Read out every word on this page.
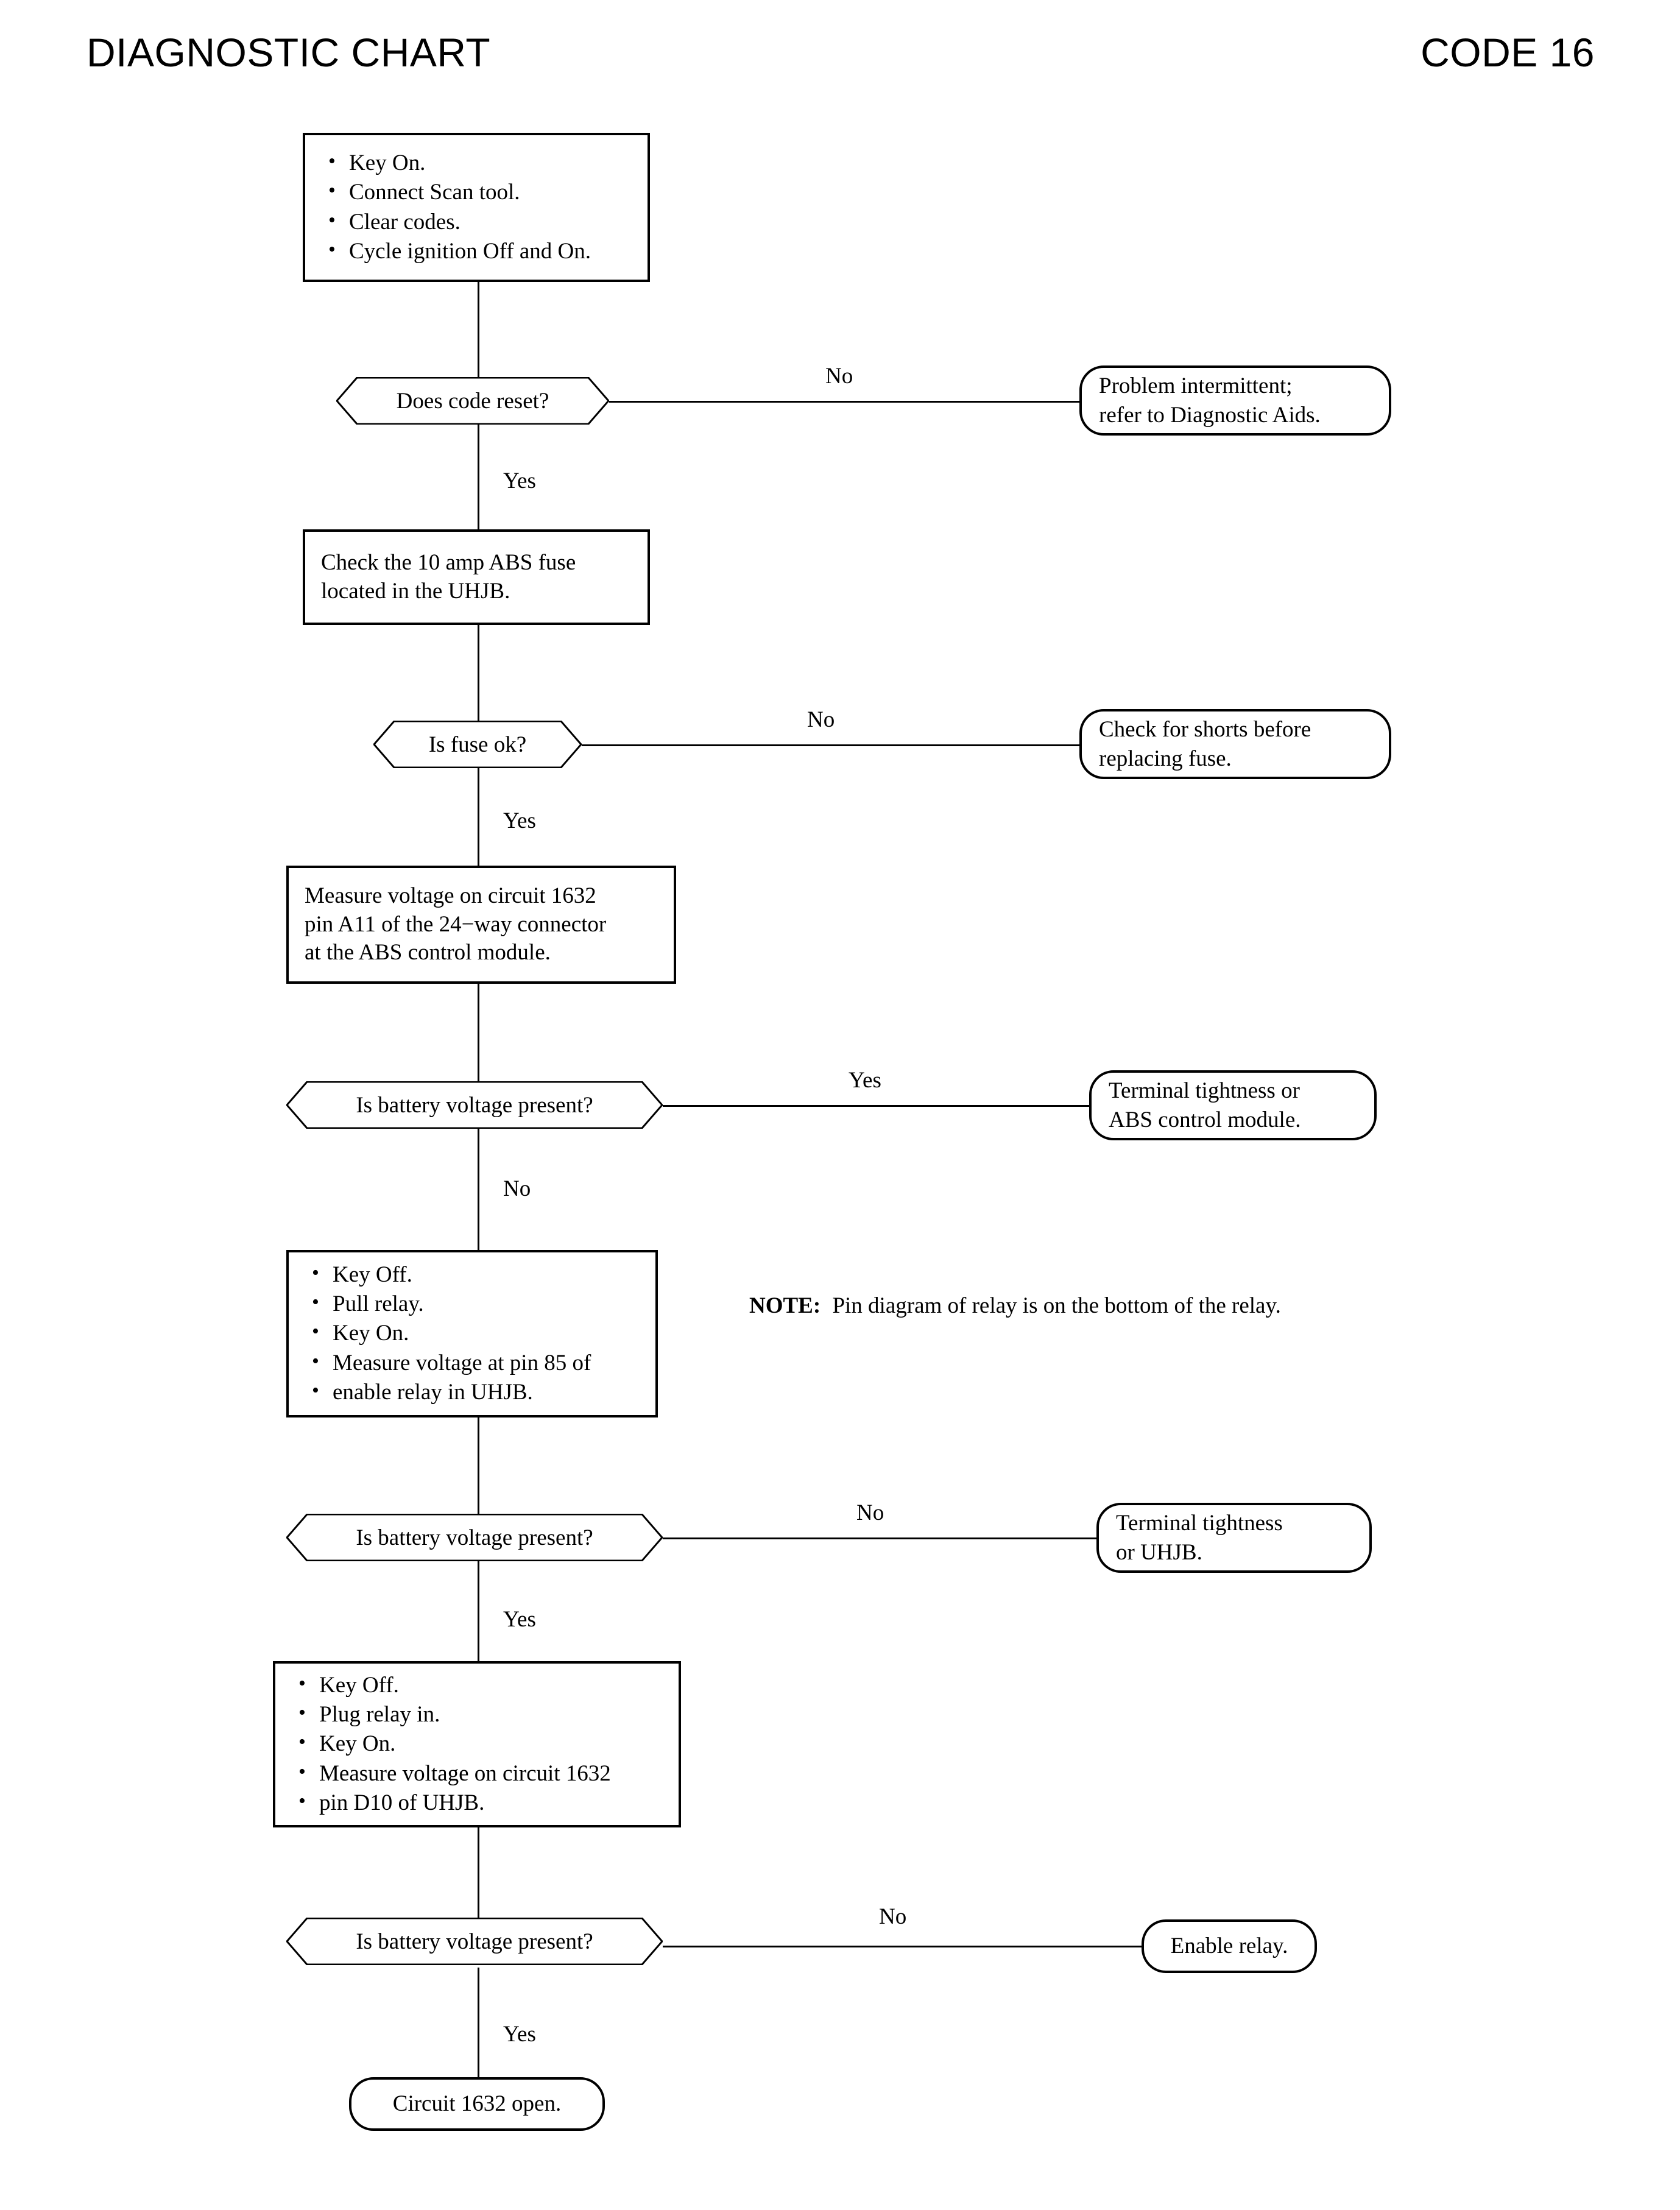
DIAGNOSTIC CHART	CODE 16
• Key On.
• Connect Scan tool.
• Clear codes.
• Cycle ignition Off and On.
Does code reset?
No
Yes
Problem intermittent;
refer to Diagnostic Aids.
Check the 10 amp ABS fuse
located in the UHJB.
Is fuse ok?
No
Yes
Check for shorts before
replacing fuse.
Measure voltage on circuit 1632
pin A11 of the 24−way connector
at the ABS control module.
Is battery voltage present?
Yes
No
Terminal tightness or
ABS control module.
NOTE: Pin diagram of relay is on the bottom of the relay.
• Key Off.
• Pull relay.
• Key On.
• Measure voltage at pin 85 of
• enable relay in UHJB.
Is battery voltage present?
No
Yes
Terminal tightness
or UHJB.
• Key Off.
• Plug relay in.
• Key On.
• Measure voltage on circuit 1632
• pin D10 of UHJB.
Is battery voltage present?
No
Yes
Enable relay.
Circuit 1632 open.
